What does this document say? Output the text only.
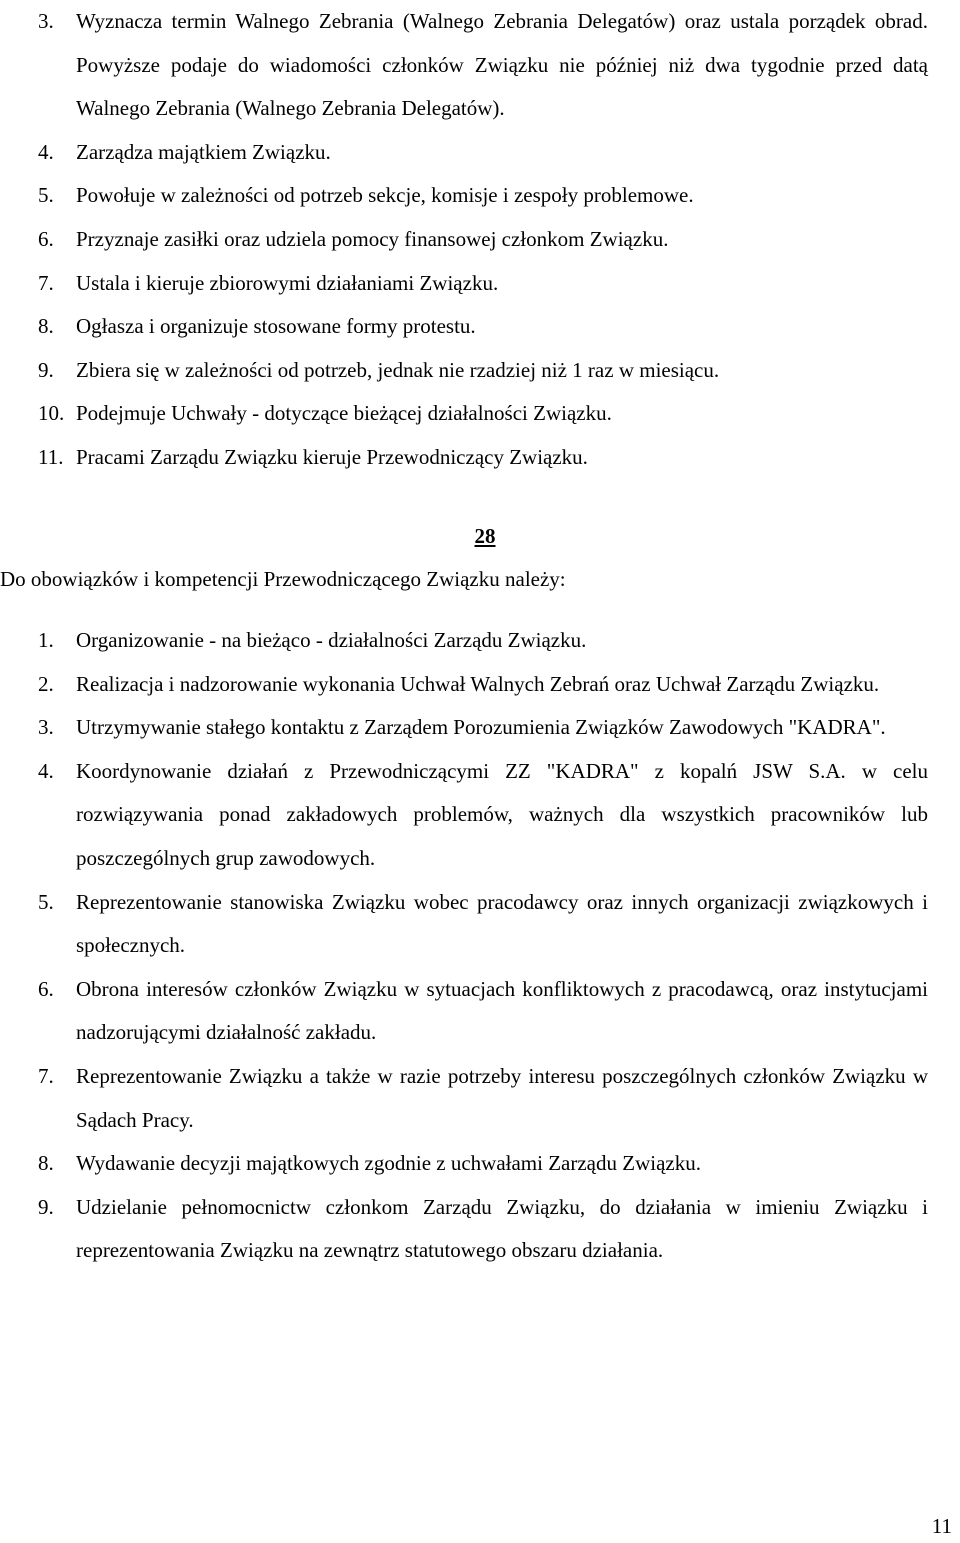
3. Wyznacza termin Walnego Zebrania (Walnego Zebrania Delegatów) oraz ustala porządek obrad. Powyższe podaje do wiadomości członków Związku nie później niż dwa tygodnie przed datą Walnego Zebrania (Walnego Zebrania Delegatów).
4. Zarządza majątkiem Związku.
5. Powołuje w zależności od potrzeb sekcje, komisje i zespoły problemowe.
6. Przyznaje zasiłki oraz udziela pomocy finansowej członkom Związku.
7. Ustala i kieruje zbiorowymi działaniami Związku.
8. Ogłasza i organizuje stosowane formy protestu.
9. Zbiera się w zależności od potrzeb, jednak nie rzadziej niż 1 raz w miesiącu.
10. Podejmuje Uchwały - dotyczące bieżącej działalności Związku.
11. Pracami Zarządu Związku kieruje Przewodniczący Związku.
28
Do obowiązków i kompetencji Przewodniczącego Związku należy:
1. Organizowanie - na bieżąco - działalności Zarządu Związku.
2. Realizacja i nadzorowanie wykonania Uchwał Walnych Zebrań oraz Uchwał Zarządu Związku.
3. Utrzymywanie stałego kontaktu z Zarządem Porozumienia Związków Zawodowych "KADRA".
4. Koordynowanie działań z Przewodniczącymi ZZ "KADRA" z kopalń JSW S.A. w celu rozwiązywania ponad zakładowych problemów, ważnych dla wszystkich pracowników lub poszczególnych grup zawodowych.
5. Reprezentowanie stanowiska Związku wobec pracodawcy oraz innych organizacji związkowych i społecznych.
6. Obrona interesów członków Związku w sytuacjach konfliktowych z pracodawcą, oraz instytucjami nadzorującymi działalność zakładu.
7. Reprezentowanie Związku a także w razie potrzeby interesu poszczególnych członków Związku w Sądach Pracy.
8. Wydawanie decyzji majątkowych zgodnie z uchwałami Zarządu Związku.
9. Udzielanie pełnomocnictw członkom Zarządu Związku, do działania w imieniu Związku i reprezentowania Związku na zewnątrz statutowego obszaru działania.
11
